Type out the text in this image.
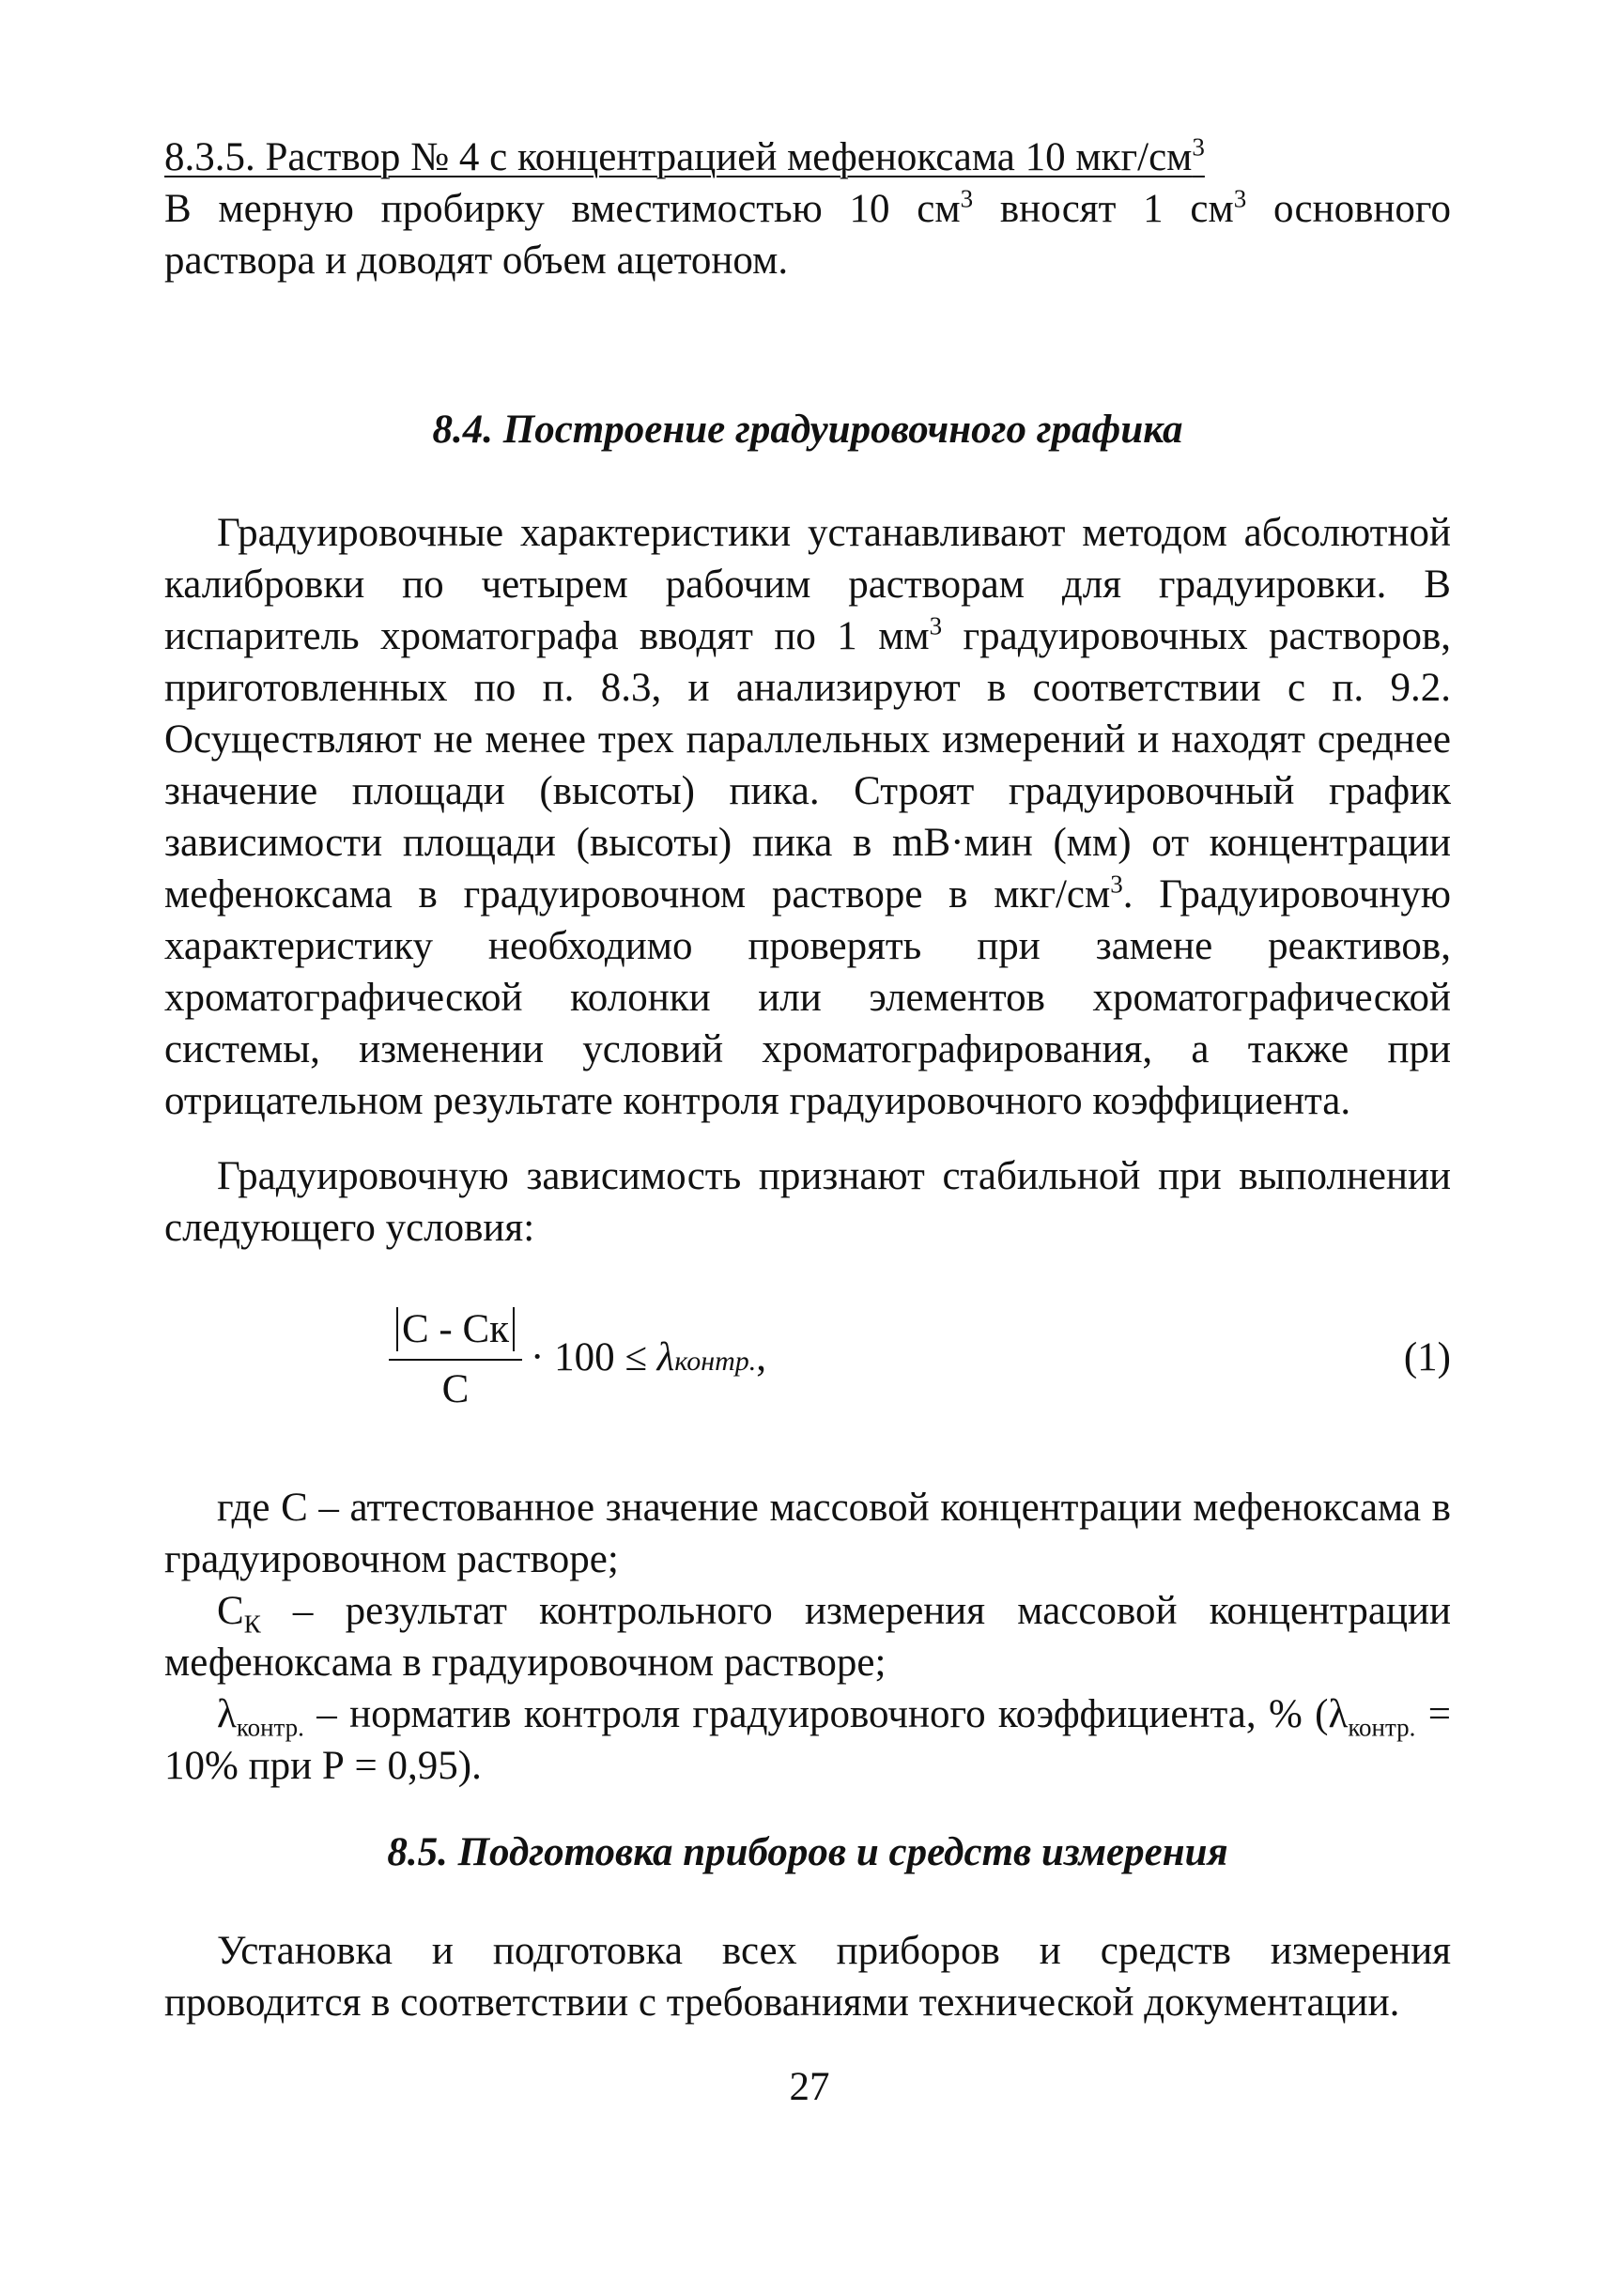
8.3.5. Раствор № 4 с концентрацией мефеноксама 10 мкг/$см^3$

В мерную пробирку вместимостью 10 $см^3$ вносят 1 $см^3$ основного раствора и доводят объем ацетоном.

8.4. Построение градуировочного графика

Градуировочные характеристики устанавливают методом абсолютной калибровки по четырем рабочим растворам для градуировки. В испаритель хроматографа вводят по 1 $мм^3$ градуировочных растворов, приготовленных по п. 8.3, и анализируют в соответствии с п. 9.2. Осуществляют не менее трех параллельных измерений и находят среднее значение площади (высоты) пика. Строят градуировочный график зависимости площади (высоты) пика в mB·мин (мм) от концентрации мефеноксама в градуировочном растворе в мкг/$см^3$. Градуировочную характеристику необходимо проверять при замене реактивов, хроматографической колонки или элементов хроматографической системы, изменении условий хроматографирования, а также при отрицательном результате контроля градуировочного коэффициента.

Градуировочную зависимость признают стабильной при выполнении следующего условия:

C - Cк
C
· 100 ≤ λконтр.,	(1)

где С – аттестованное значение массовой концентрации мефеноксама в градуировочном растворе;

$С_К$ – результат контрольного измерения массовой концентрации мефеноксама в градуировочном растворе;

$\lambda_{контр.}$ – норматив контроля градуировочного коэффициента, % ($\lambda_{контр.} = 10\%$ при Р = 0,95).

8.5. Подготовка приборов и средств измерения

Установка и подготовка всех приборов и средств измерения проводится в соответствии с требованиями технической документации.

27
